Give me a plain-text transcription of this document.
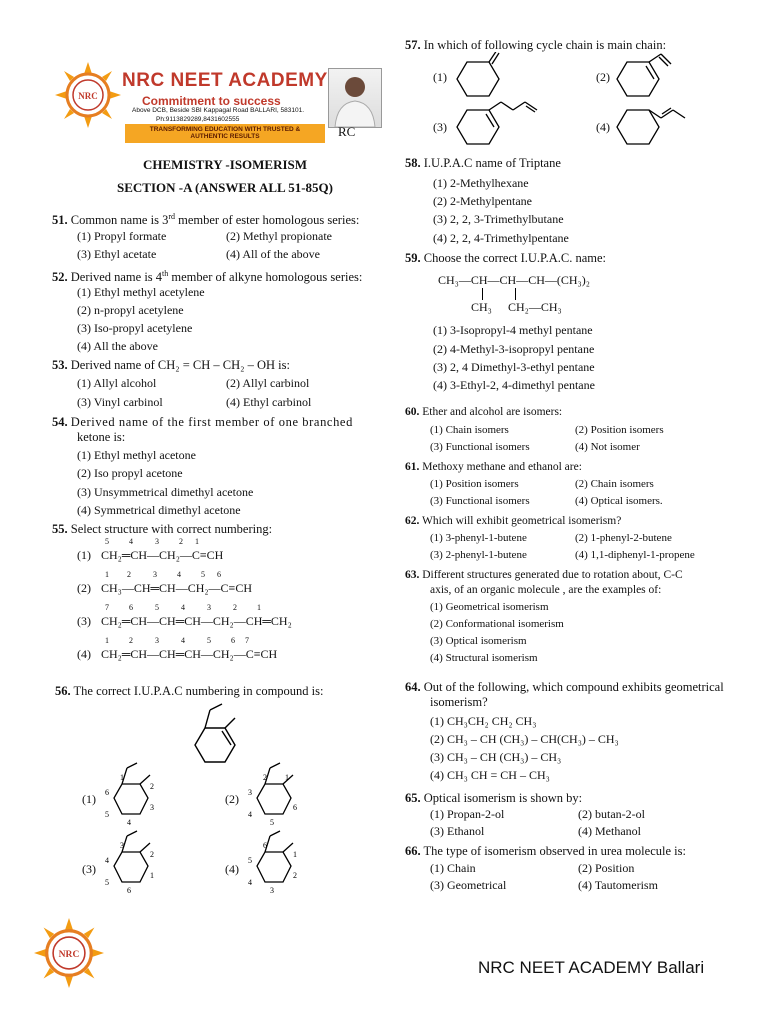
NRC
NRC NEET ACADEMY
Commitment to success
Above DCB, Beside SBI Kappagal Road BALLARI, 583101.
Ph:9113829289,8431602555
TRANSFORMING EDUCATION WITH TRUSTED &
AUTHENTIC RESULTS	RC
CHEMISTRY -ISOMERISM
SECTION -A (ANSWER ALL 51-85Q)
51. Common name is 3rd member of ester homologous series:
(1) Propyl formate	(2) Methyl propionate
(3) Ethyl acetate	(4) All of the above
52. Derived name is 4th member of alkyne homologous series:
(1) Ethyl methyl acetylene
(2) n-propyl acetylene
(3) Iso-propyl acetylene
(4) All the above
53. Derived name of CH₂ = CH – CH₂ – OH is:
(1) Allyl alcohol	(2) Allyl carbinol
(3) Vinyl carbinol	(4) Ethyl carbinol
54. Derived name of the first member of one branched
ketone is:
(1) Ethyl methyl acetone
(2) Iso propyl acetone
(3) Unsymmetrical dimethyl acetone
(4) Symmetrical dimethyl acetone
55. Select structure with correct numbering:
5          4           3          2      1
(1) CH₂═CH—CH₂—C≡CH
1         2           3          4          5      6
(2) CH₃—CH═CH—CH₂—C≡CH
7          6           5           4           3           2          1
(3) CH₂═CH—CH═CH—CH₂—CH═CH₂
1          2           3           4           5          6     7
(4) CH₂═CH—CH═CH—CH₂—C≡CH
56. The correct I.U.P.A.C numbering in compound is:
(1)
1
2
3
4
5
6	(2)
2 1
6
5
4
3
(3)
3
2
1
6
5
4
(4)
6
1
2
3
4
5
57. In which of following cycle chain is main chain:
(1)	(2)
(3)	(4)
58. I.U.P.A.C name of Triptane
(1) 2-Methylhexane
(2) 2-Methylpentane
(3) 2, 2, 3-Trimethylbutane
(4) 2, 2, 4-Trimethylpentane
59. Choose the correct I.U.P.A.C. name:
CH₃—CH—CH—CH—(CH₃)₂
CH₃ CH₂—CH₃
(1) 3-Isopropyl-4 methyl pentane
(2) 4-Methyl-3-isopropyl pentane
(3) 2, 4 Dimethyl-3-ethyl pentane
(4) 3-Ethyl-2, 4-dimethyl pentane
60. Ether and alcohol are isomers:
(1) Chain isomers	(2) Position isomers
(3) Functional isomers	(4) Not isomer
61. Methoxy methane and ethanol are:
(1) Position isomers	(2) Chain isomers
(3) Functional isomers	(4) Optical isomers.
62. Which will exhibit geometrical isomerism?
(1) 3-phenyl-1-butene	(2) 1-phenyl-2-butene
(3) 2-phenyl-1-butene	(4) 1,1-diphenyl-1-propene
63. Different structures generated due to rotation about, C-C
axis, of an organic molecule , are the examples of:
(1) Geometrical isomerism
(2) Conformational isomerism
(3) Optical isomerism
(4) Structural isomerism
64. Out of the following, which compound exhibits geometrical
isomerism?
(1) CH₃CH₂ CH₂ CH₃
(2) CH₃ – CH (CH₃) – CH(CH₃) – CH₃
(3) CH₃ – CH (CH₃) – CH₃
(4) CH₃ CH = CH – CH₃
65. Optical isomerism is shown by:
(1) Propan-2-ol	(2) butan-2-ol
(3) Ethanol	(4) Methanol
66. The type of isomerism observed in urea molecule is:
(1) Chain	(2) Position
(3) Geometrical	(4) Tautomerism
NRC
NRC NEET ACADEMY Ballari
